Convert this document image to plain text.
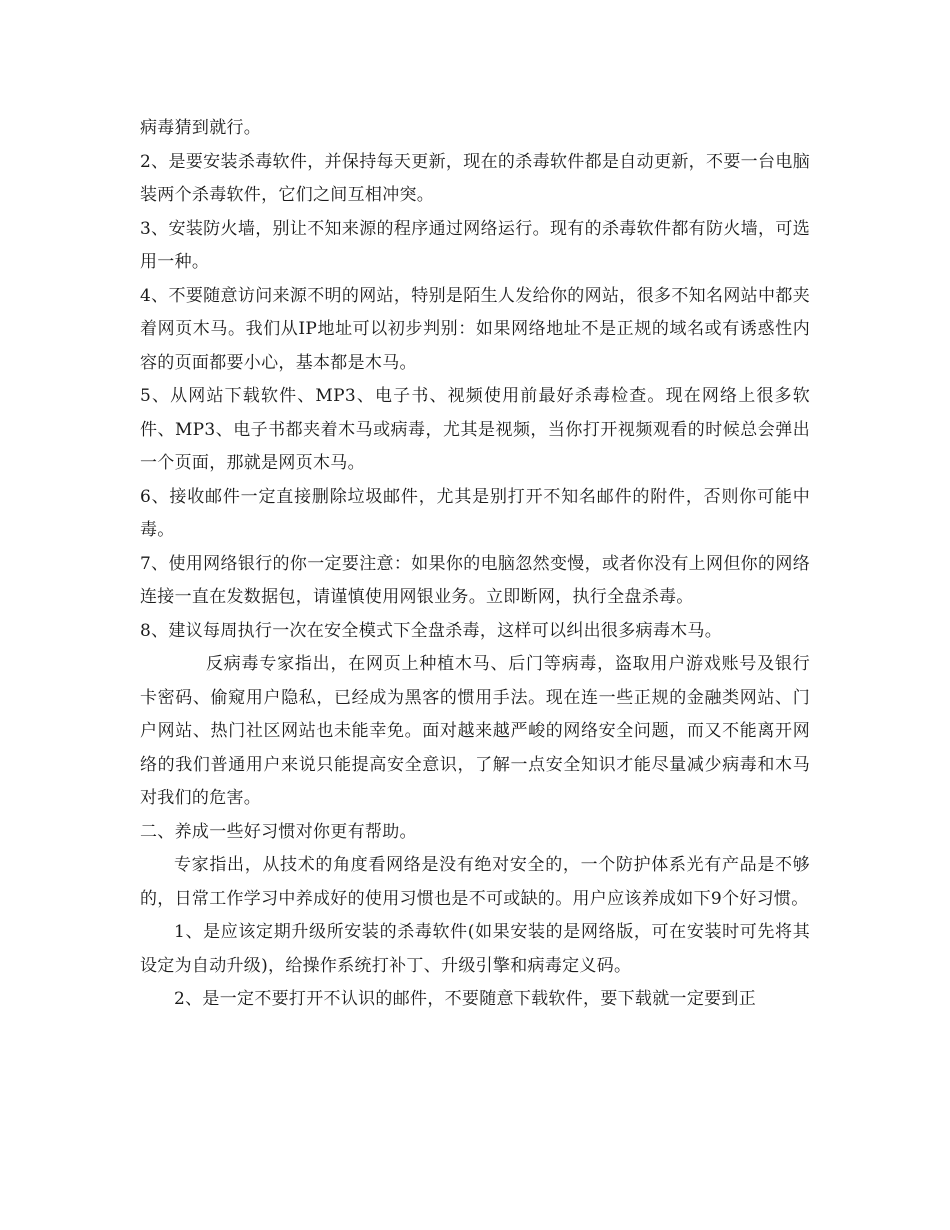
病毒猜到就行。

2、是要安装杀毒软件，并保持每天更新，现在的杀毒软件都是自动更新，不要一台电脑装两个杀毒软件，它们之间互相冲突。

3、安装防火墙，别让不知来源的程序通过网络运行。现有的杀毒软件都有防火墙，可选用一种。

4、不要随意访问来源不明的网站，特别是陌生人发给你的网站，很多不知名网站中都夹着网页木马。我们从IP地址可以初步判别：如果网络地址不是正规的域名或有诱惑性内容的页面都要小心，基本都是木马。

5、从网站下载软件、MP3、电子书、视频使用前最好杀毒检查。现在网络上很多软件、MP3、电子书都夹着木马或病毒，尤其是视频，当你打开视频观看的时候总会弹出一个页面，那就是网页木马。

6、接收邮件一定直接删除垃圾邮件，尤其是别打开不知名邮件的附件，否则你可能中毒。

7、使用网络银行的你一定要注意：如果你的电脑忽然变慢，或者你没有上网但你的网络连接一直在发数据包，请谨慎使用网银业务。立即断网，执行全盘杀毒。

8、建议每周执行一次在安全模式下全盘杀毒，这样可以纠出很多病毒木马。

反病毒专家指出，在网页上种植木马、后门等病毒，盗取用户游戏账号及银行卡密码、偷窥用户隐私，已经成为黑客的惯用手法。现在连一些正规的金融类网站、门户网站、热门社区网站也未能幸免。面对越来越严峻的网络安全问题，而又不能离开网络的我们普通用户来说只能提高安全意识，了解一点安全知识才能尽量减少病毒和木马对我们的危害。

二、养成一些好习惯对你更有帮助。

专家指出，从技术的角度看网络是没有绝对安全的，一个防护体系光有产品是不够的，日常工作学习中养成好的使用习惯也是不可或缺的。用户应该养成如下9个好习惯。

1、是应该定期升级所安装的杀毒软件(如果安装的是网络版，可在安装时可先将其设定为自动升级)，给操作系统打补丁、升级引擎和病毒定义码。

2、是一定不要打开不认识的邮件，不要随意下载软件，要下载就一定要到正
